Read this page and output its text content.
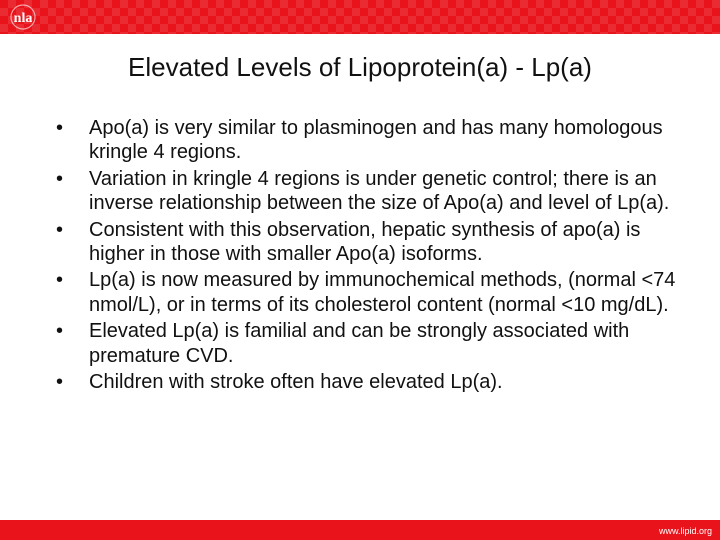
nla
Elevated Levels of Lipoprotein(a) - Lp(a)
•	Apo(a) is very similar to plasminogen and has many homologous kringle 4 regions.
•	Variation in kringle 4 regions is under genetic control; there is an inverse relationship between the size of Apo(a) and level of Lp(a).
•	Consistent with this observation, hepatic synthesis of apo(a) is higher in those with smaller Apo(a) isoforms.
•	Lp(a) is now measured by immunochemical methods, (normal <74 nmol/L), or in terms of its cholesterol content (normal <10 mg/dL).
•	Elevated Lp(a) is familial and can be strongly associated with premature CVD.
•	Children with stroke often have elevated Lp(a).
www.lipid.org
